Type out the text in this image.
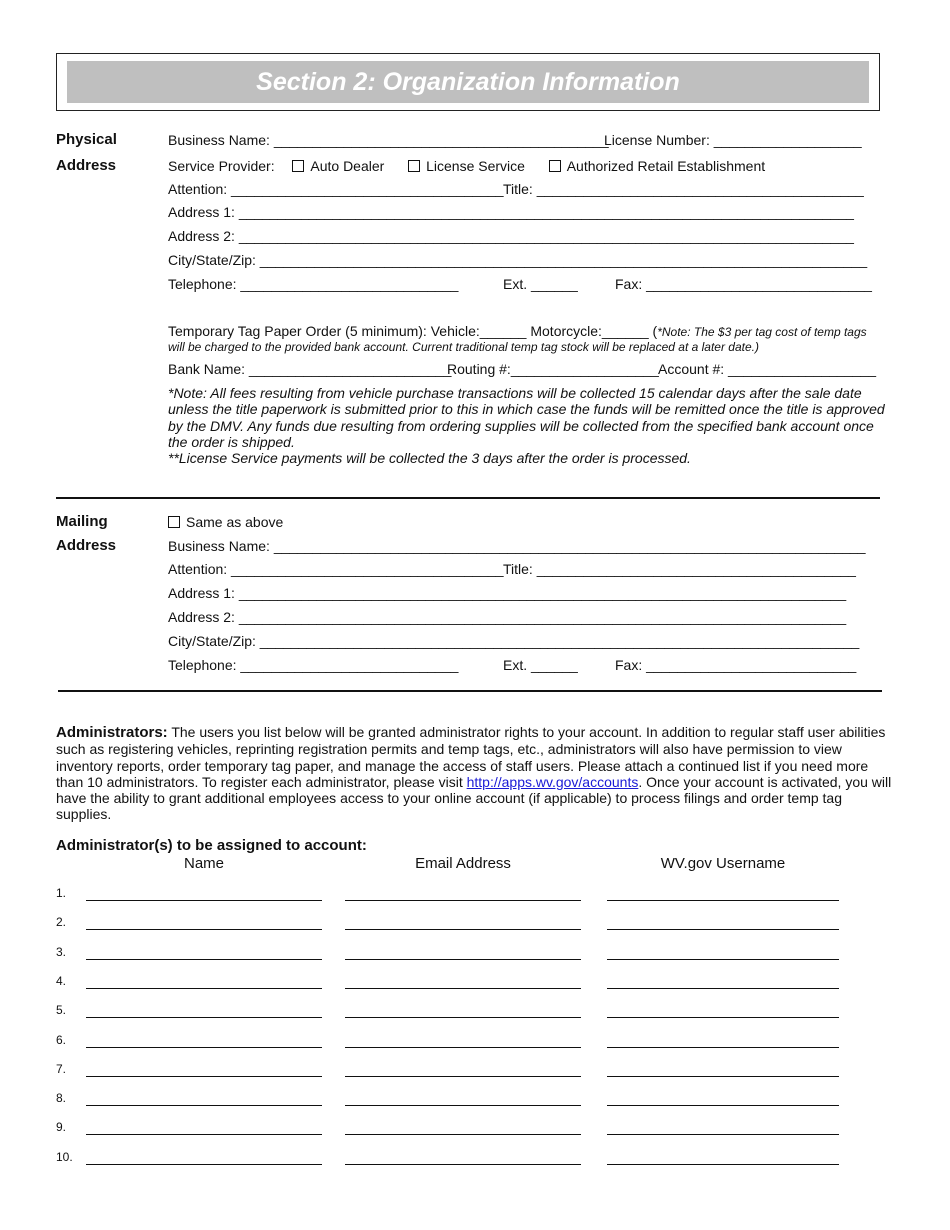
Section 2: Organization Information
Physical
Address
Business Name: ___________________________________________
License Number: ___________________
Service Provider:	Auto Dealer	License Service	Authorized Retail Establishment
Attention: ___________________________________ Title: __________________________________________
Address 1: _______________________________________________________________________________
Address 2: _______________________________________________________________________________
City/State/Zip: ______________________________________________________________________________
Telephone: ____________________________	Ext. ______	Fax: _____________________________
Temporary Tag Paper Order (5 minimum): Vehicle:______ Motorcycle:______ (*Note: The $3 per tag cost of temp tags
will be charged to the provided bank account. Current traditional temp tag stock will be replaced at a later date.)
Bank Name: __________________________
Routing #:___________________ Account #: ___________________
*Note: All fees resulting from vehicle purchase transactions will be collected 15 calendar days after the sale date unless the title paperwork is submitted prior to this in which case the funds will be remitted once the title is approved by the DMV. Any funds due resulting from ordering supplies will be collected from the specified bank account once the order is shipped.
**License Service payments will be collected the 3 days after the order is processed.
Mailing
Address
Same as above
Business Name: ____________________________________________________________________________
Attention: ___________________________________ Title: _________________________________________
Address 1: ______________________________________________________________________________
Address 2: ______________________________________________________________________________
City/State/Zip: _____________________________________________________________________________
Telephone: ____________________________	Ext. ______	Fax: ___________________________
Administrators: The users you list below will be granted administrator rights to your account. In addition to regular staff user abilities such as registering vehicles, reprinting registration permits and temp tags, etc., administrators will also have permission to view inventory reports, order temporary tag paper, and manage the access of staff users. Please attach a continued list if you need more than 10 administrators. To register each administrator, please visit http://apps.wv.gov/accounts. Once your account is activated, you will have the ability to grant additional employees access to your online account (if applicable) to process filings and order temp tag supplies.
Administrator(s) to be assigned to account:
Name	Email Address	WV.gov Username
1.
2.
3.
4.
5.
6.
7.
8.
9.
10.
